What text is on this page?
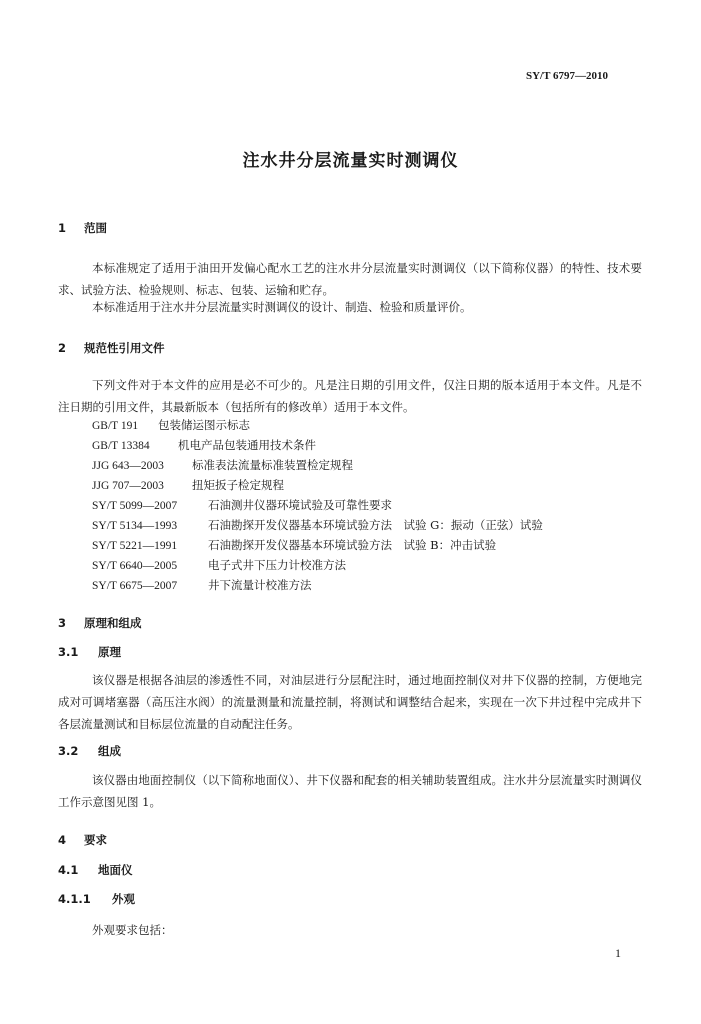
SY/T 6797—2010
注水井分层流量实时测调仪
1 范围
本标准规定了适用于油田开发偏心配水工艺的注水井分层流量实时测调仪（以下简称仪器）的特性、技术要求、试验方法、检验规则、标志、包装、运输和贮存。
本标准适用于注水井分层流量实时测调仪的设计、制造、检验和质量评价。
2 规范性引用文件
下列文件对于本文件的应用是必不可少的。凡是注日期的引用文件，仅注日期的版本适用于本文件。凡是不注日期的引用文件，其最新版本（包括所有的修改单）适用于本文件。
GB/T 191 包装储运图示标志
GB/T 13384 机电产品包装通用技术条件
JJG 643—2003 标准表法流量标准装置检定规程
JJG 707—2003 扭矩扳子检定规程
SY/T 5099—2007	石油测井仪器环境试验及可靠性要求
SY/T 5134—1993	石油勘探开发仪器基本环境试验方法　试验 G：振动（正弦）试验
SY/T 5221—1991	石油勘探开发仪器基本环境试验方法　试验 B：冲击试验
SY/T 6640—2005	电子式井下压力计校准方法
SY/T 6675—2007	井下流量计校准方法
3 原理和组成
3.1 原理
该仪器是根据各油层的渗透性不同，对油层进行分层配注时，通过地面控制仪对井下仪器的控制，方便地完成对可调堵塞器（高压注水阀）的流量测量和流量控制，将测试和调整结合起来，实现在一次下井过程中完成井下各层流量测试和目标层位流量的自动配注任务。
3.2 组成
该仪器由地面控制仪（以下简称地面仪）、井下仪器和配套的相关辅助装置组成。注水井分层流量实时测调仪工作示意图见图 1。
4 要求
4.1 地面仪
4.1.1 外观
外观要求包括：
1
